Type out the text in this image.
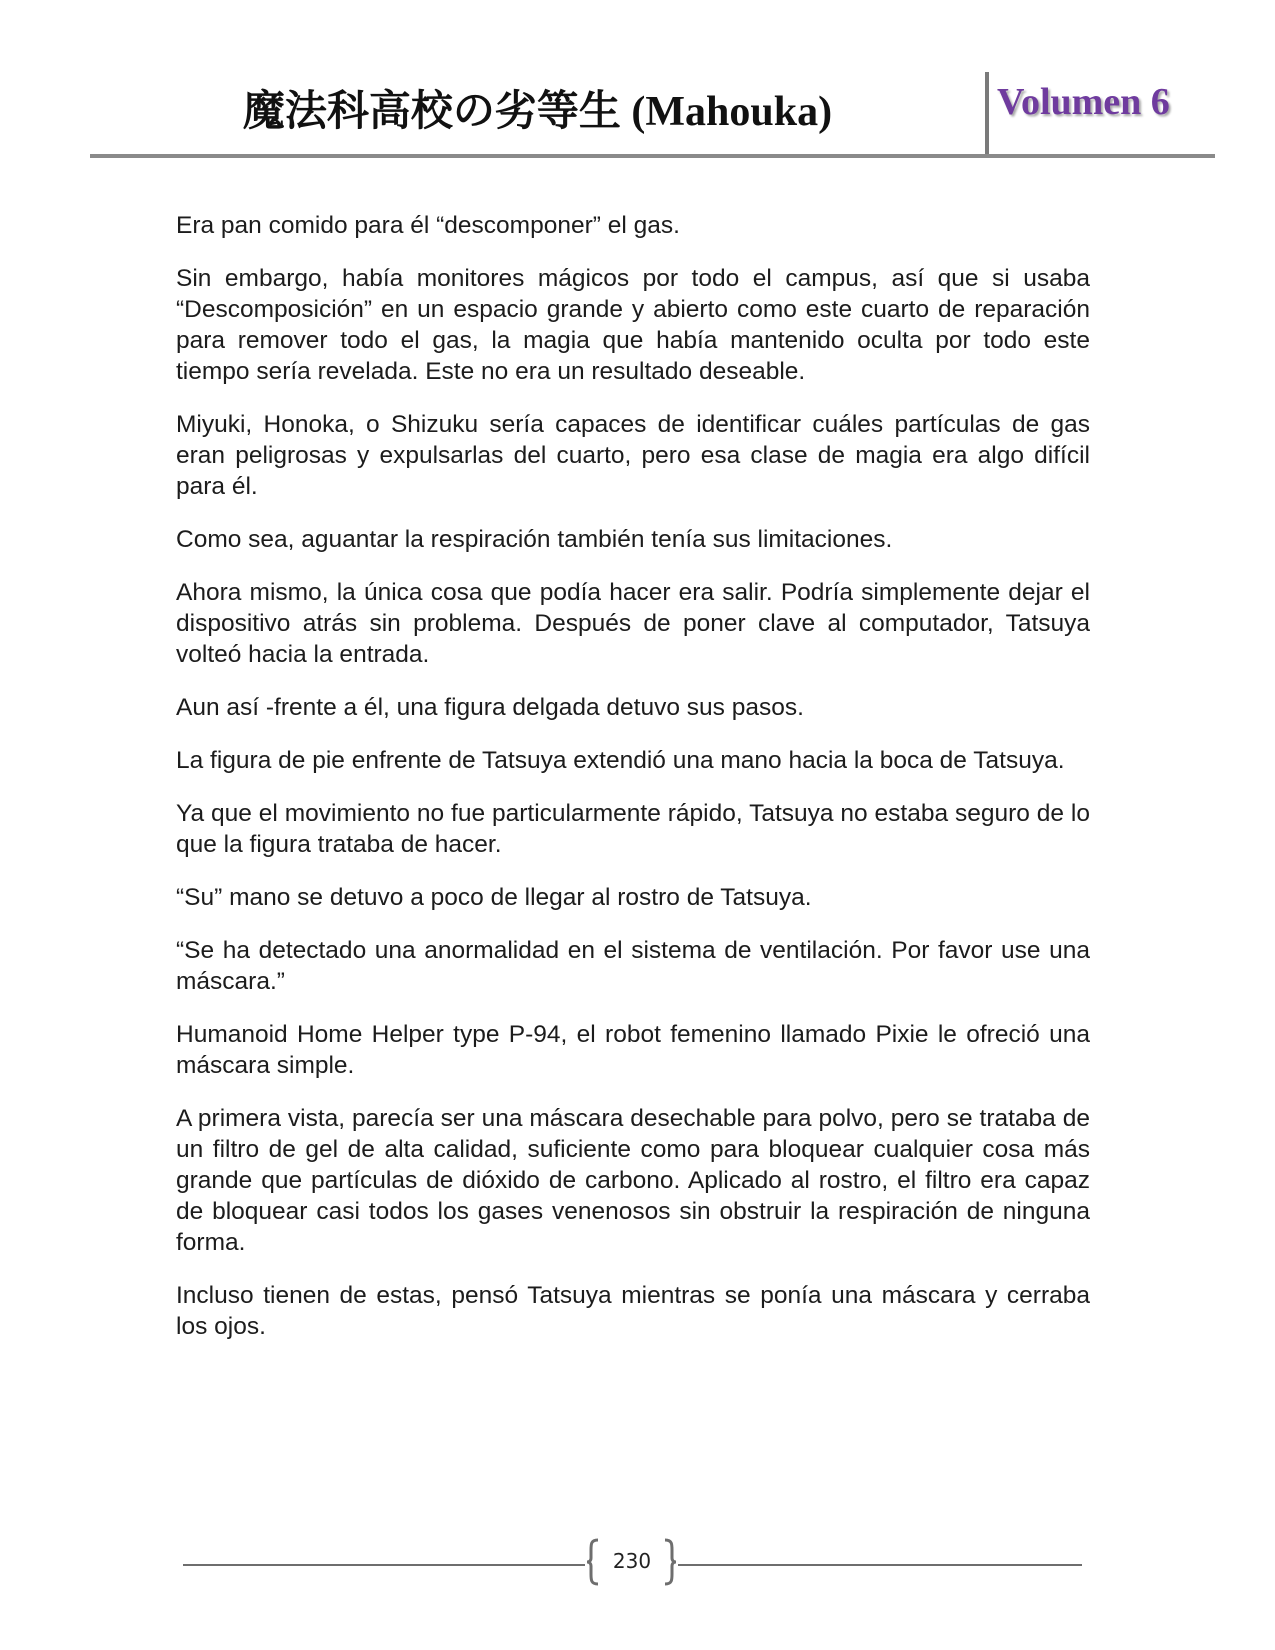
魔法科高校の劣等生 (Mahouka)	Volumen 6

Era pan comido para él “descomponer” el gas.

Sin embargo, había monitores mágicos por todo el campus, así que si usaba “Descomposición” en un espacio grande y abierto como este cuarto de reparación para remover todo el gas, la magia que había mantenido oculta por todo este tiempo sería revelada. Este no era un resultado deseable.

Miyuki, Honoka, o Shizuku sería capaces de identificar cuáles partículas de gas eran peligrosas y expulsarlas del cuarto, pero esa clase de magia era algo difícil para él.

Como sea, aguantar la respiración también tenía sus limitaciones.

Ahora mismo, la única cosa que podía hacer era salir. Podría simplemente dejar el dispositivo atrás sin problema. Después de poner clave al computador, Tatsuya volteó hacia la entrada.

Aun así -frente a él, una figura delgada detuvo sus pasos.

La figura de pie enfrente de Tatsuya extendió una mano hacia la boca de Tatsuya.

Ya que el movimiento no fue particularmente rápido, Tatsuya no estaba seguro de lo que la figura trataba de hacer.

“Su” mano se detuvo a poco de llegar al rostro de Tatsuya.

“Se ha detectado una anormalidad en el sistema de ventilación. Por favor use una máscara.”

Humanoid Home Helper type P-94, el robot femenino llamado Pixie le ofreció una máscara simple.

A primera vista, parecía ser una máscara desechable para polvo, pero se trataba de un filtro de gel de alta calidad, suficiente como para bloquear cualquier cosa más grande que partículas de dióxido de carbono. Aplicado al rostro, el filtro era capaz de bloquear casi todos los gases venenosos sin obstruir la respiración de ninguna forma.

Incluso tienen de estas, pensó Tatsuya mientras se ponía una máscara y cerraba los ojos.

230
